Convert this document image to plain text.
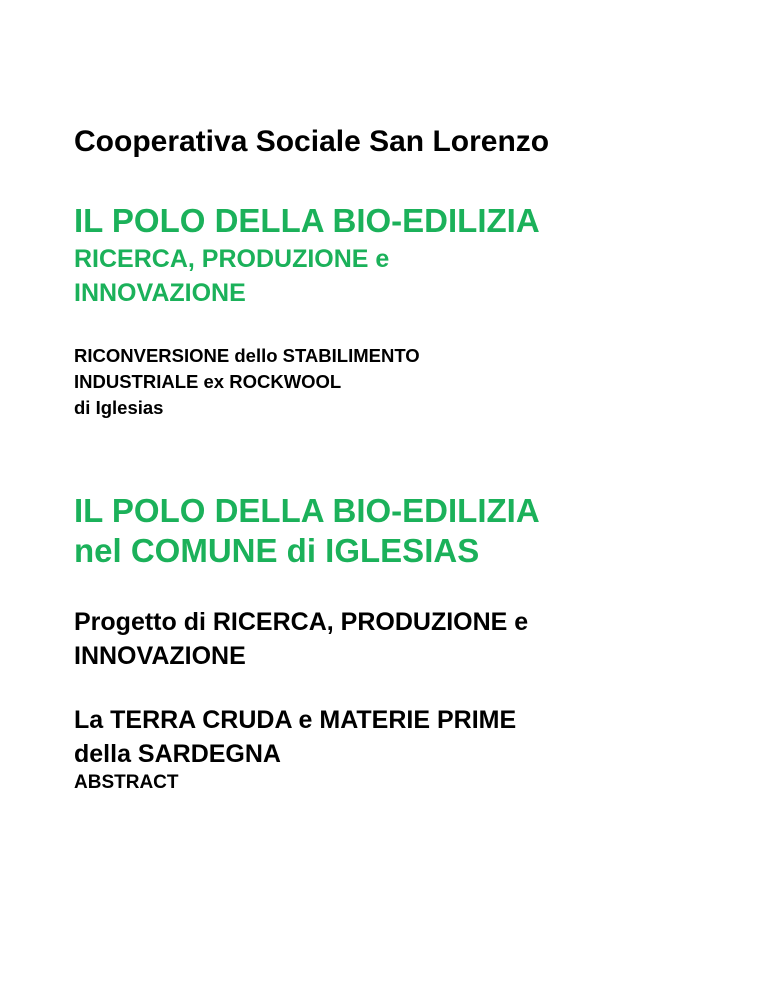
Cooperativa Sociale San Lorenzo
IL POLO DELLA BIO-EDILIZIA
RICERCA, PRODUZIONE e
INNOVAZIONE
RICONVERSIONE dello STABILIMENTO
INDUSTRIALE ex ROCKWOOL
di Iglesias
IL POLO DELLA BIO-EDILIZIA
nel COMUNE di IGLESIAS
Progetto di RICERCA, PRODUZIONE e
INNOVAZIONE
La TERRA CRUDA e MATERIE PRIME
della SARDEGNA
ABSTRACT
